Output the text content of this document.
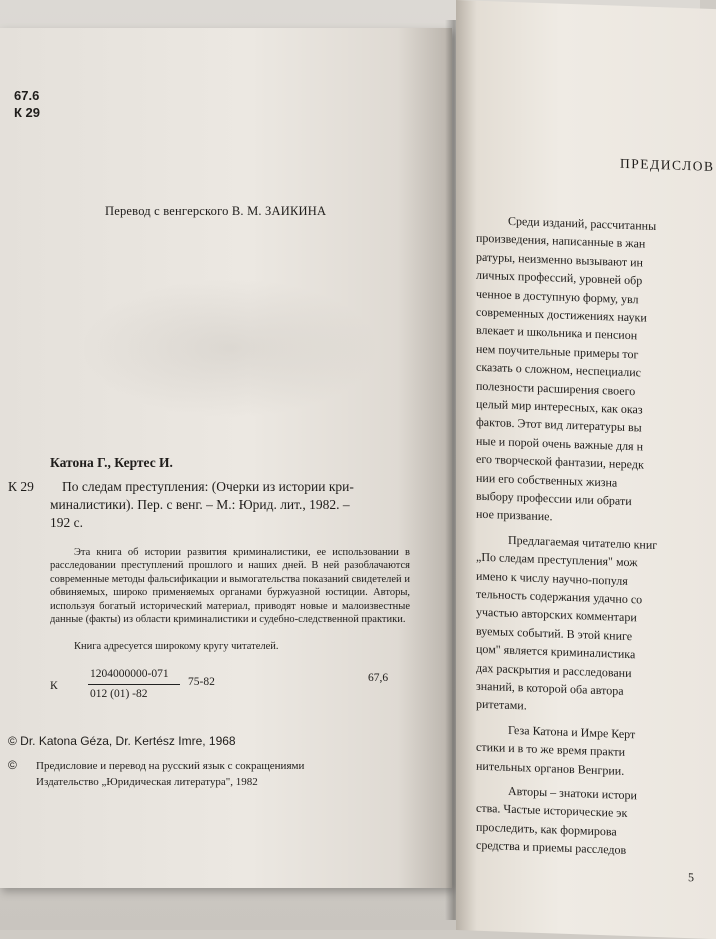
67.6
К 29
Перевод с венгерского В. М. ЗАИКИНА
Катона Г., Кертес И.
К 29 По следам преступления: (Очерки из истории кри-
миналистики). Пер. с венг. – М.: Юрид. лит., 1982. –
192 с.
Эта книга об истории развития криминалистики, ее использовании в расследовании преступлений прошлого и наших дней. В ней разоблачаются современные методы фальсификации и вымогательства показаний свидетелей и обвиняемых, широко применяемых органами буржуазной юстиции. Авторы, используя богатый исторический материал, приводят новые и малоизвестные данные (факты) из области криминалистики и судебно-следственной практики.
Книга адресуется широкому кругу читателей.
К
1204000000-071
012 (01) -82
75-82	67,6
© Dr. Katona Géza, Dr. Kertész Imre, 1968
© Предисловие и перевод на русский язык с сокращениями
Издательство „Юридическая литература", 1982
ПРЕДИСЛОВ
Среди изданий, рассчитанны
произведения, написанные в жан
ратуры, неизменно вызывают ин
личных профессий, уровней обр
ченное в доступную форму, увл
современных достижениях науки
влекает и школьника и пенсион
нем поучительные примеры тог
сказать о сложном, неспециалис
полезности расширения своего
целый мир интересных, как оказ
фактов. Этот вид литературы вы
ные и порой очень важные для н
его творческой фантазии, нередк
нии его собственных жизна
выбору профессии или обрати
ное призвание.
Предлагаемая читателю книг
„По следам преступления" мож
имено к числу научно-популя
тельность содержания удачно со
участью авторских комментари
вуемых событий. В этой книге
цом" является криминалистика
дах раскрытия и расследовани
знаний, в которой оба автора
ритетами.
Геза Катона и Имре Керт
стики и в то же время практи
нительных органов Венгрии.
Авторы – знатоки истори
ства. Частые исторические эк
проследить, как формирова
средства и приемы расследов
5
